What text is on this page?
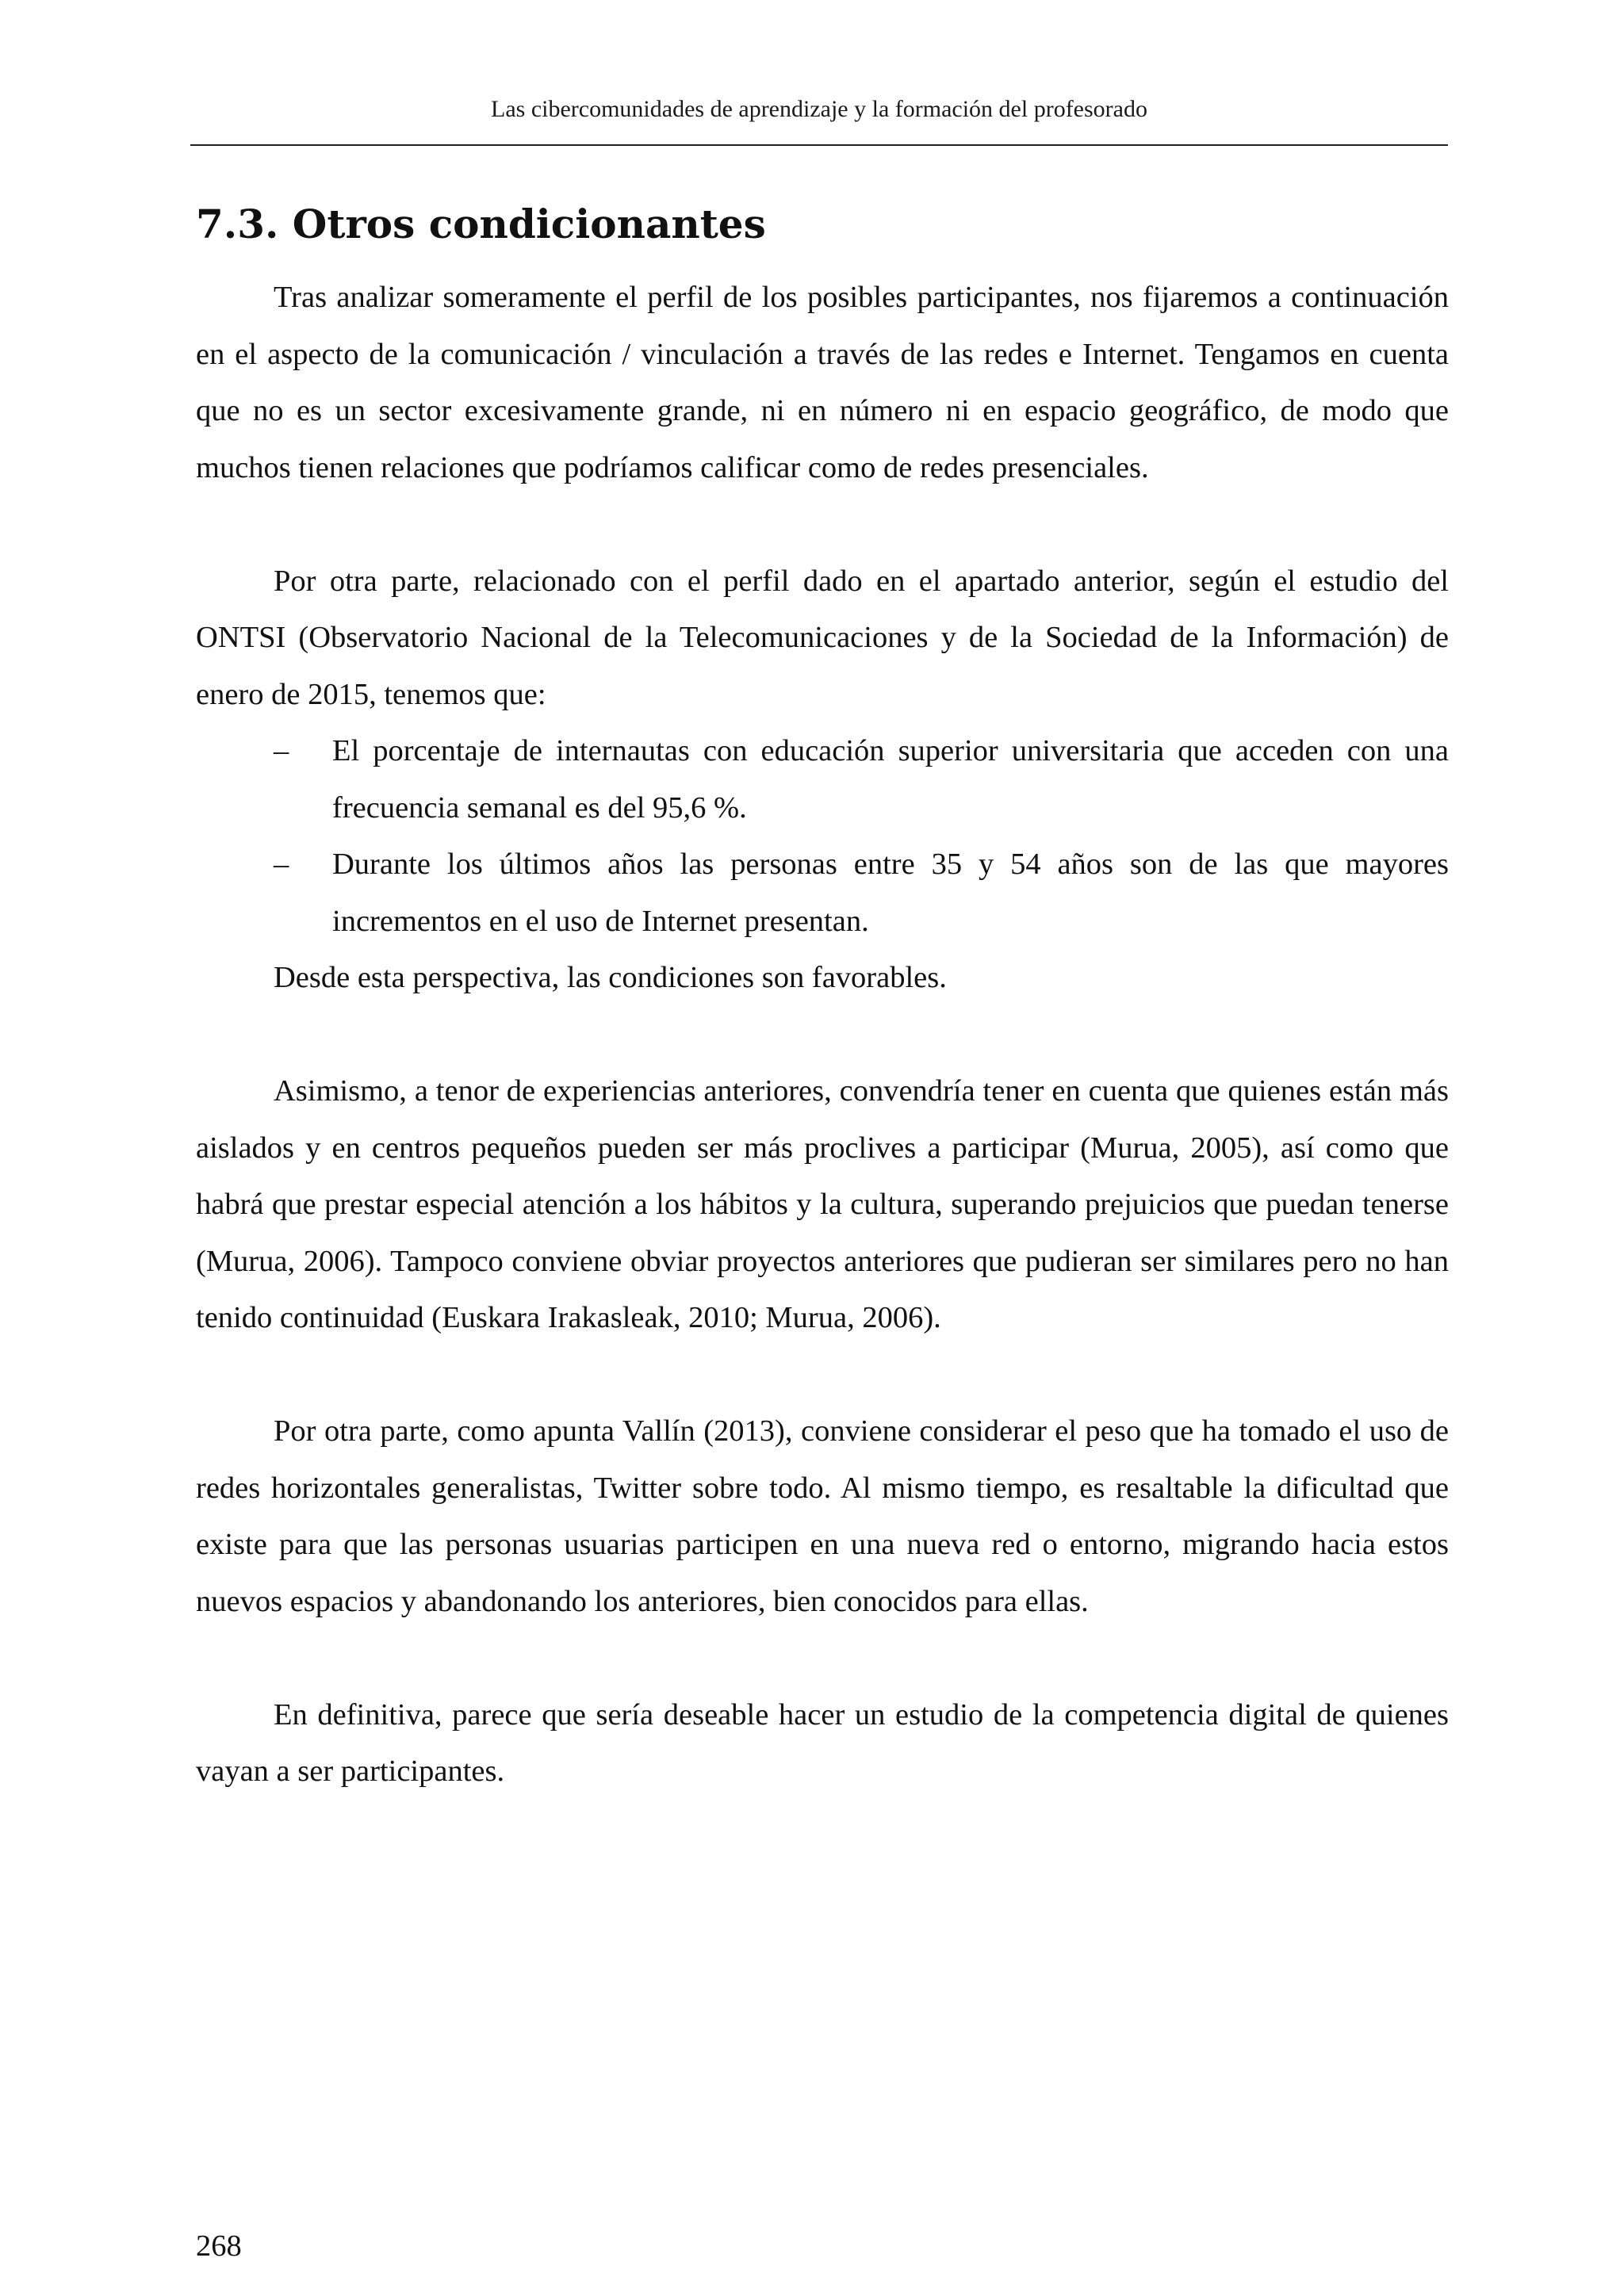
Las cibercomunidades de aprendizaje y la formación del profesorado
7.3. Otros condicionantes

Tras analizar someramente el perfil de los posibles participantes, nos fijaremos a continuación en el aspecto de la comunicación / vinculación a través de las redes e Internet. Tengamos en cuenta que no es un sector excesivamente grande, ni en número ni en espacio geográfico, de modo que muchos tienen relaciones que podríamos calificar como de redes presenciales.

Por otra parte, relacionado con el perfil dado en el apartado anterior, según el estudio del ONTSI (Observatorio Nacional de la Telecomunicaciones y de la Sociedad de la Información) de enero de 2015, tenemos que:

– El porcentaje de internautas con educación superior universitaria que acceden con una frecuencia semanal es del 95,6 %.
– Durante los últimos años las personas entre 35 y 54 años son de las que mayores incrementos en el uso de Internet presentan.

Desde esta perspectiva, las condiciones son favorables.

Asimismo, a tenor de experiencias anteriores, convendría tener en cuenta que quienes están más aislados y en centros pequeños pueden ser más proclives a participar (Murua, 2005), así como que habrá que prestar especial atención a los hábitos y la cultura, superando prejuicios que puedan tenerse (Murua, 2006). Tampoco conviene obviar proyectos anteriores que pudieran ser similares pero no han tenido continuidad (Euskara Irakasleak, 2010; Murua, 2006).

Por otra parte, como apunta Vallín (2013), conviene considerar el peso que ha tomado el uso de redes horizontales generalistas, Twitter sobre todo. Al mismo tiempo, es resaltable la dificultad que existe para que las personas usuarias participen en una nueva red o entorno, migrando hacia estos nuevos espacios y abandonando los anteriores, bien conocidos para ellas.

En definitiva, parece que sería deseable hacer un estudio de la competencia digital de quienes vayan a ser participantes.

268
